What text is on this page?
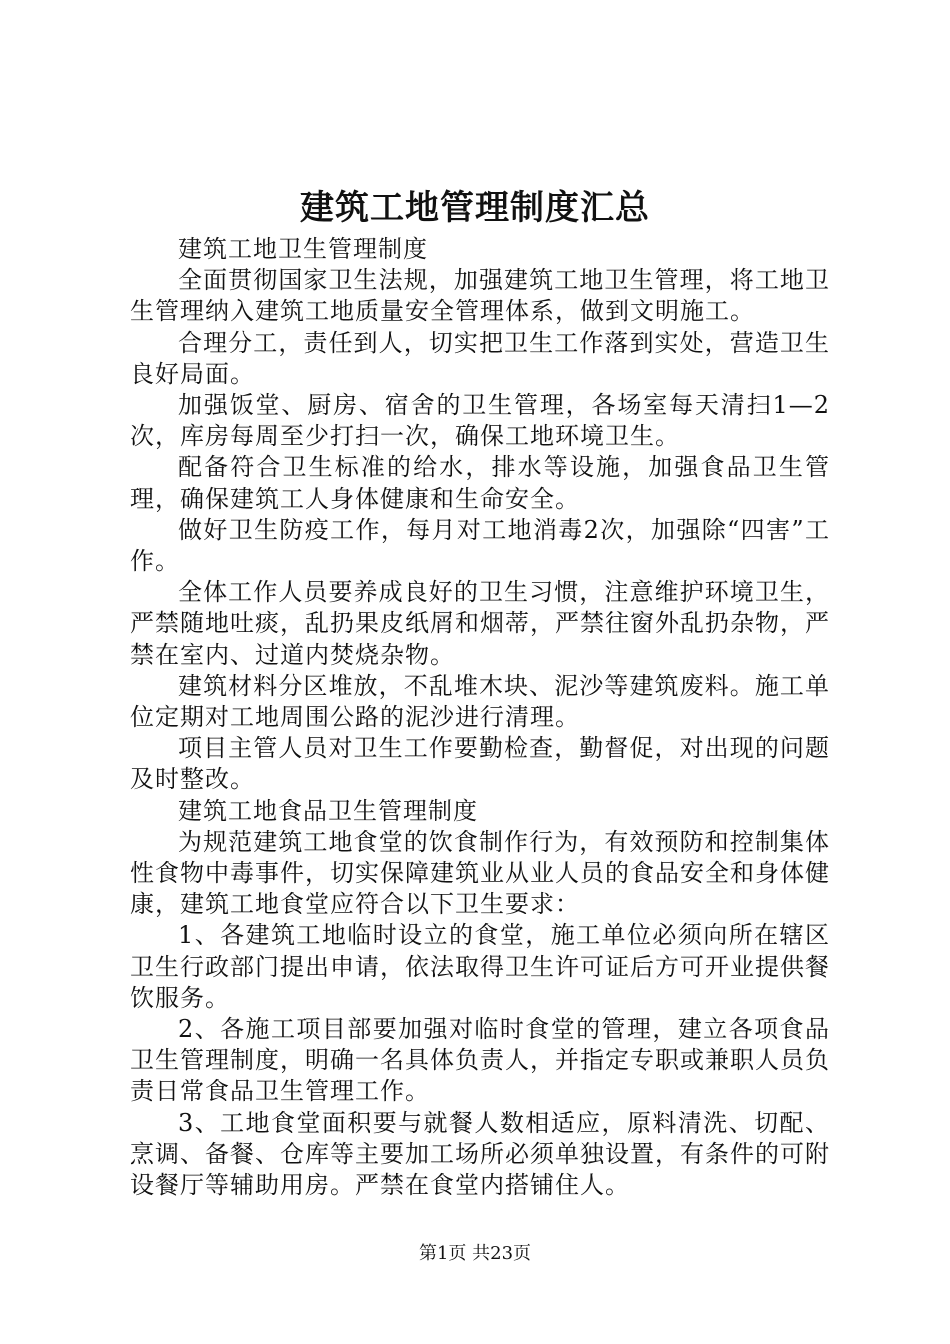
建筑工地管理制度汇总

建筑工地卫生管理制度

全面贯彻国家卫生法规，加强建筑工地卫生管理，将工地卫生管理纳入建筑工地质量安全管理体系，做到文明施工。

合理分工，责任到人，切实把卫生工作落到实处，营造卫生良好局面。

加强饭堂、厨房、宿舍的卫生管理，各场室每天清扫1—2次，库房每周至少打扫一次，确保工地环境卫生。

配备符合卫生标准的给水，排水等设施，加强食品卫生管理，确保建筑工人身体健康和生命安全。

做好卫生防疫工作，每月对工地消毒2次，加强除“四害”工作。

全体工作人员要养成良好的卫生习惯，注意维护环境卫生，严禁随地吐痰，乱扔果皮纸屑和烟蒂，严禁往窗外乱扔杂物，严禁在室内、过道内焚烧杂物。

建筑材料分区堆放，不乱堆木块、泥沙等建筑废料。施工单位定期对工地周围公路的泥沙进行清理。

项目主管人员对卫生工作要勤检查，勤督促，对出现的问题及时整改。

建筑工地食品卫生管理制度

为规范建筑工地食堂的饮食制作行为，有效预防和控制集体性食物中毒事件，切实保障建筑业从业人员的食品安全和身体健康，建筑工地食堂应符合以下卫生要求：

1、各建筑工地临时设立的食堂，施工单位必须向所在辖区卫生行政部门提出申请，依法取得卫生许可证后方可开业提供餐饮服务。

2、各施工项目部要加强对临时食堂的管理，建立各项食品卫生管理制度，明确一名具体负责人，并指定专职或兼职人员负责日常食品卫生管理工作。

3、工地食堂面积要与就餐人数相适应，原料清洗、切配、烹调、备餐、仓库等主要加工场所必须单独设置，有条件的可附设餐厅等辅助用房。严禁在食堂内搭铺住人。

第1页 共23页
